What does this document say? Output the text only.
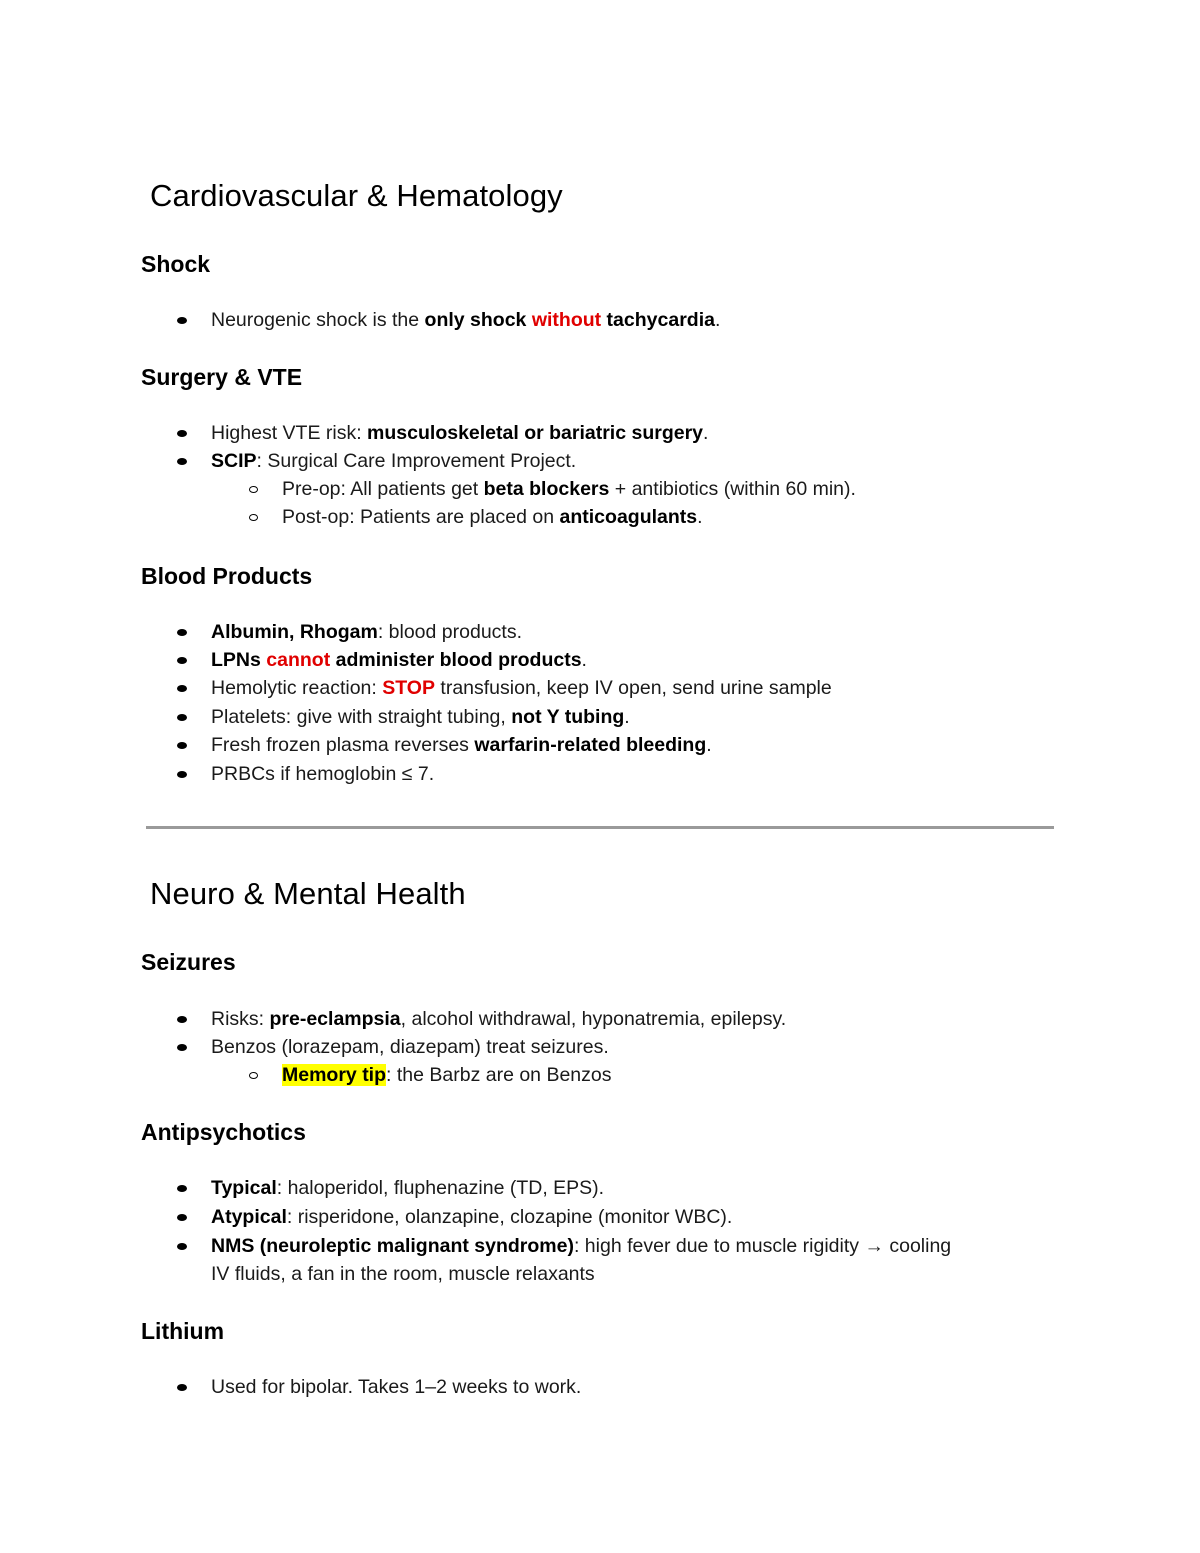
Cardiovascular & Hematology
Shock
Neurogenic shock is the only shock without tachycardia.
Surgery & VTE
Highest VTE risk: musculoskeletal or bariatric surgery.
SCIP: Surgical Care Improvement Project.
Pre-op: All patients get beta blockers + antibiotics (within 60 min).
Post-op: Patients are placed on anticoagulants.
Blood Products
Albumin, Rhogam: blood products.
LPNs cannot administer blood products.
Hemolytic reaction: STOP transfusion, keep IV open, send urine sample
Platelets: give with straight tubing, not Y tubing.
Fresh frozen plasma reverses warfarin-related bleeding.
PRBCs if hemoglobin ≤ 7.
Neuro & Mental Health
Seizures
Risks: pre-eclampsia, alcohol withdrawal, hyponatremia, epilepsy.
Benzos (lorazepam, diazepam) treat seizures.
Memory tip: the Barbz are on Benzos
Antipsychotics
Typical: haloperidol, fluphenazine (TD, EPS).
Atypical: risperidone, olanzapine, clozapine (monitor WBC).
NMS (neuroleptic malignant syndrome): high fever due to muscle rigidity → cooling
IV fluids, a fan in the room, muscle relaxants
Lithium
Used for bipolar. Takes 1–2 weeks to work.
